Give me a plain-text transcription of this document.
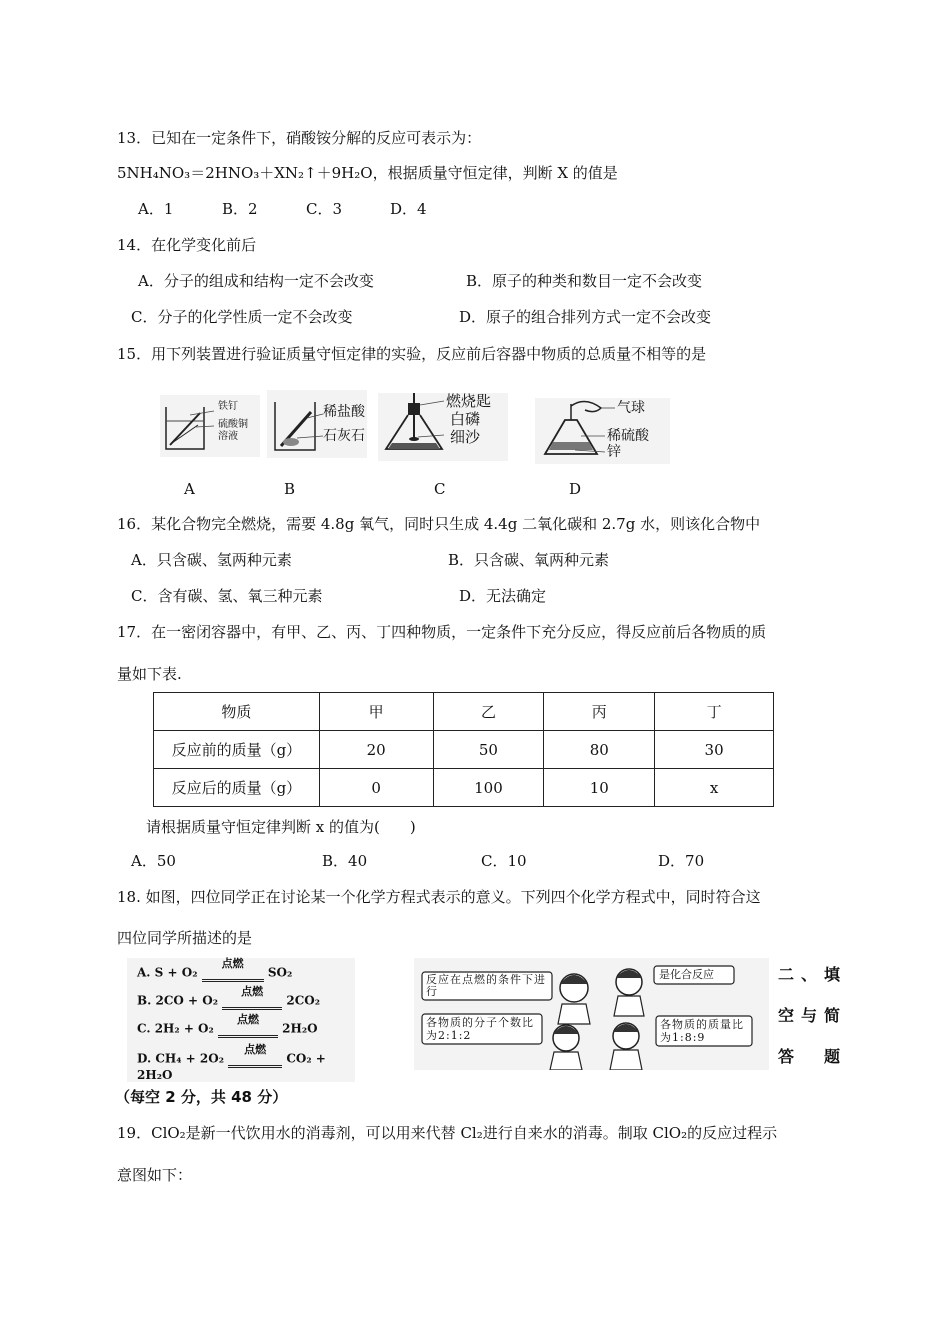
13．已知在一定条件下，硝酸铵分解的反应可表示为：
5NH₄NO₃＝2HNO₃＋XN₂↑＋9H₂O，根据质量守恒定律，判断 X 的值是
A．1	B．2	C．3	D．4
14．在化学变化前后
A．分子的组成和结构一定不会改变	B．原子的种类和数目一定不会改变
C．分子的化学性质一定不会改变	D．原子的组合排列方式一定不会改变
15．用下列装置进行验证质量守恒定律的实验，反应前后容器中物质的总质量不相等的是
铁钉
硫酸铜
溶液
稀盐酸
石灰石
燃烧匙
白磷
细沙
气球
稀硫酸
锌
A	B	C	D
16．某化合物完全燃烧，需要 4.8g 氧气，同时只生成 4.4g 二氧化碳和 2.7g 水，则该化合物中
A．只含碳、氢两种元素	B．只含碳、氧两种元素
C．含有碳、氢、氧三种元素	D．无法确定
17．在一密闭容器中，有甲、乙、丙、丁四种物质，一定条件下充分反应，得反应前后各物质的质
量如下表.
物质	甲	乙	丙	丁
反应前的质量（g）	20	50	80	30
反应后的质量（g）	0	100	10	x
请根据质量守恒定律判断 x 的值为(　　)
A．50	B．40	C．10	D．70
18. 如图，四位同学正在讨论某一个化学方程式表示的意义。下列四个化学方程式中，同时符合这
四位同学所描述的是
A. S + O₂ 点燃 SO₂
B. 2CO + O₂ 点燃 2CO₂
C. 2H₂ + O₂ 点燃 2H₂O
D. CH₄ + 2O₂ 点燃 CO₂ + 2H₂O
反应在点燃的条件下进行
是化合反应
各物质的分子个数比为2:1:2
各物质的质量比为1:8:9
二、填
空与简
答　题
（每空 2 分，共 48 分）
19．ClO₂是新一代饮用水的消毒剂，可以用来代替 Cl₂进行自来水的消毒。制取 ClO₂的反应过程示
意图如下：
